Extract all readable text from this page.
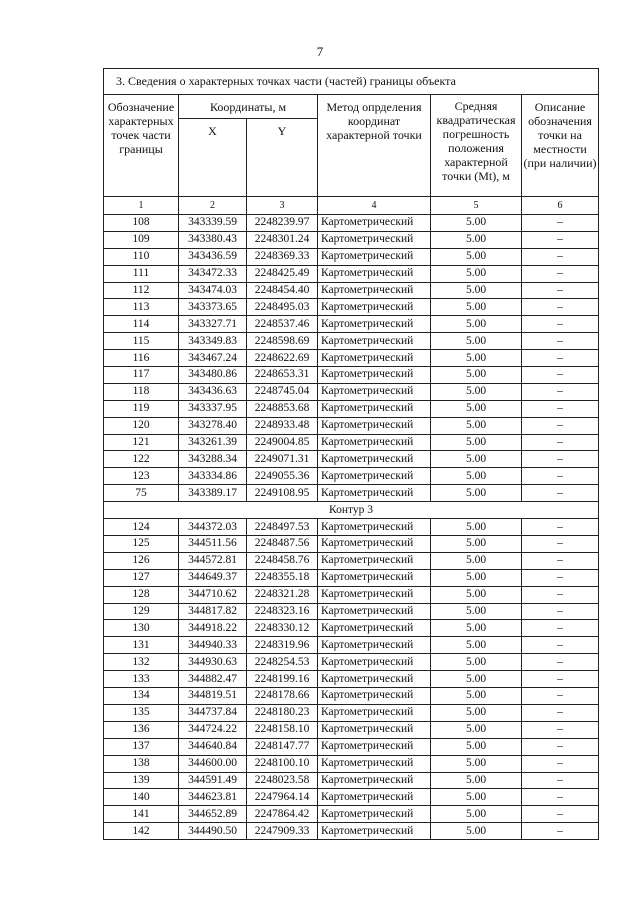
7
3. Сведения о характерных точках части (частей) границы объекта					
Обозначение характерных точек части границы	Координаты, м		Метод опрделения координат характерной точки	Средняя квадратическая погрешность положения характерной точки (Mt), м	Описание обозначения точки на местности (при наличии)
	X	Y			
1	2	3	4	5	6
108	343339.59	2248239.97	Картометрический	5.00	–
109	343380.43	2248301.24	Картометрический	5.00	–
110	343436.59	2248369.33	Картометрический	5.00	–
111	343472.33	2248425.49	Картометрический	5.00	–
112	343474.03	2248454.40	Картометрический	5.00	–
113	343373.65	2248495.03	Картометрический	5.00	–
114	343327.71	2248537.46	Картометрический	5.00	–
115	343349.83	2248598.69	Картометрический	5.00	–
116	343467.24	2248622.69	Картометрический	5.00	–
117	343480.86	2248653.31	Картометрический	5.00	–
118	343436.63	2248745.04	Картометрический	5.00	–
119	343337.95	2248853.68	Картометрический	5.00	–
120	343278.40	2248933.48	Картометрический	5.00	–
121	343261.39	2249004.85	Картометрический	5.00	–
122	343288.34	2249071.31	Картометрический	5.00	–
123	343334.86	2249055.36	Картометрический	5.00	–
75	343389.17	2249108.95	Картометрический	5.00	–
Контур 3					
124	344372.03	2248497.53	Картометрический	5.00	–
125	344511.56	2248487.56	Картометрический	5.00	–
126	344572.81	2248458.76	Картометрический	5.00	–
127	344649.37	2248355.18	Картометрический	5.00	–
128	344710.62	2248321.28	Картометрический	5.00	–
129	344817.82	2248323.16	Картометрический	5.00	–
130	344918.22	2248330.12	Картометрический	5.00	–
131	344940.33	2248319.96	Картометрический	5.00	–
132	344930.63	2248254.53	Картометрический	5.00	–
133	344882.47	2248199.16	Картометрический	5.00	–
134	344819.51	2248178.66	Картометрический	5.00	–
135	344737.84	2248180.23	Картометрический	5.00	–
136	344724.22	2248158.10	Картометрический	5.00	–
137	344640.84	2248147.77	Картометрический	5.00	–
138	344600.00	2248100.10	Картометрический	5.00	–
139	344591.49	2248023.58	Картометрический	5.00	–
140	344623.81	2247964.14	Картометрический	5.00	–
141	344652.89	2247864.42	Картометрический	5.00	–
142	344490.50	2247909.33	Картометрический	5.00	–
